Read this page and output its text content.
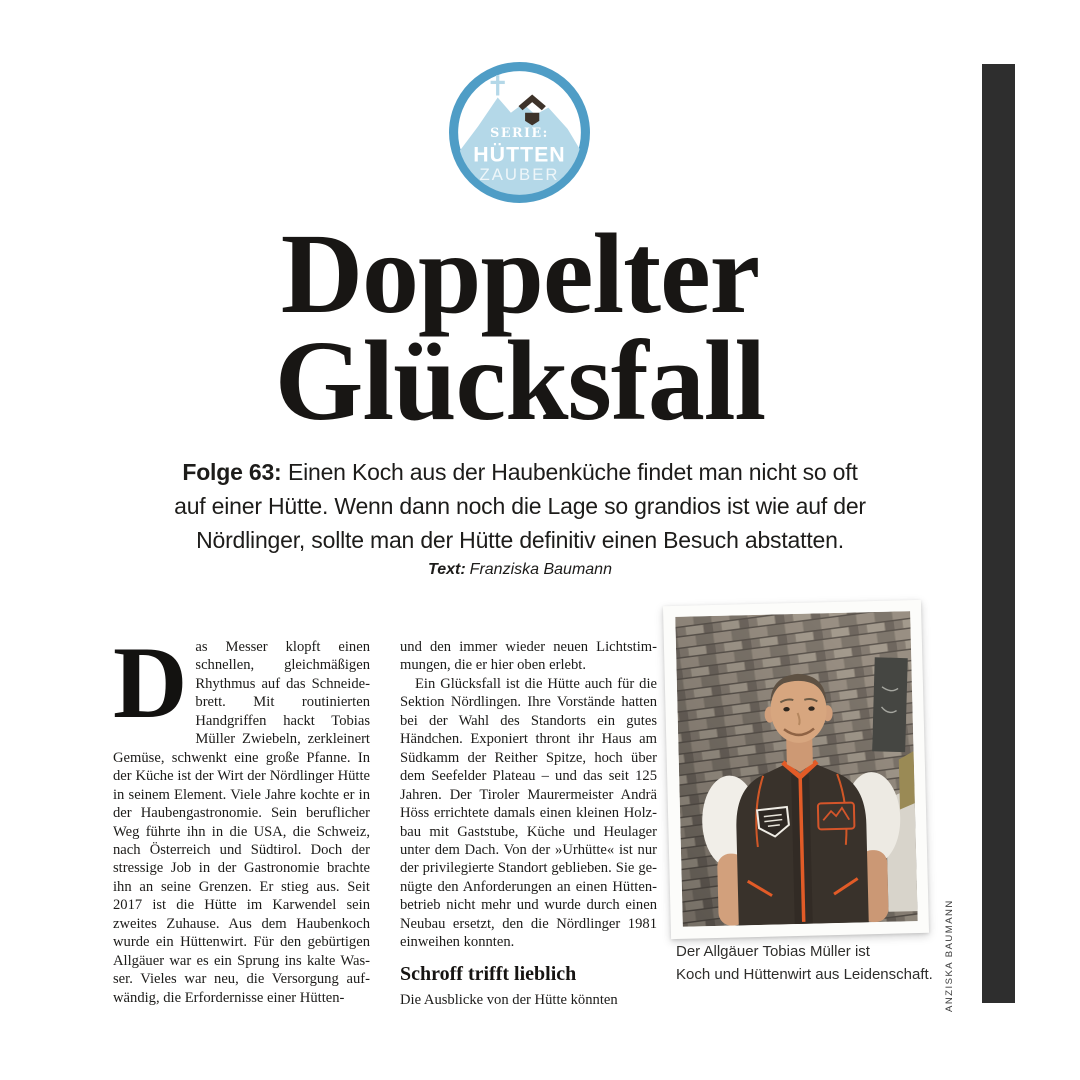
SERIE:
HÜTTEN
ZAUBER
Doppelter
Glücksfall

Folge 63: Einen Koch aus der Haubenküche findet man nicht so oft auf einer Hütte. Wenn dann noch die Lage so grandios ist wie auf der Nördlinger, sollte man der Hütte definitiv einen Besuch abstatten.

Text: Franziska Baumann

Das Messer klopft einen schnellen, gleichmäßigen Rhythmus auf das Schneidebrett. Mit routinierten Handgriffen hackt Tobias Müller Zwiebeln, zerkleinert Gemüse, schwenkt eine große Pfanne. In der Küche ist der Wirt der Nördlinger Hütte in seinem Element. Viele Jahre kochte er in der Haubengastronomie. Sein beruflicher Weg führte ihn in die USA, die Schweiz, nach Österreich und Südtirol. Doch der stressige Job in der Gastronomie brachte ihn an seine Grenzen. Er stieg aus. Seit 2017 ist die Hütte im Karwendel sein zweites Zuhause. Aus dem Haubenkoch wurde ein Hüttenwirt. Für den gebürtigen Allgäuer war es ein Sprung ins kalte Wasser. Vieles war neu, die Versorgung aufwändig, die Erfordernisse einer Hütten-

und den immer wieder neuen Lichtstimmungen, die er hier oben erlebt.

Ein Glücksfall ist die Hütte auch für die Sektion Nördlingen. Ihre Vorstände hatten bei der Wahl des Standorts ein gutes Händchen. Exponiert thront ihr Haus am Südkamm der Reither Spitze, hoch über dem Seefelder Plateau – und das seit 125 Jahren. Der Tiroler Maurermeister Andrä Höss errichtete damals einen kleinen Holzbau mit Gaststube, Küche und Heulager unter dem Dach. Von der »Urhütte« ist nur der privilegierte Standort geblieben. Sie genügte den Anforderungen an einen Hüttenbetrieb nicht mehr und wurde durch einen Neubau ersetzt, den die Nördlinger 1981 einweihen konnten.

Schroff trifft lieblich

Die Ausblicke von der Hütte könnten

Der Allgäuer Tobias Müller ist
Koch und Hüttenwirt aus Leidenschaft.	ANZISKA BAUMANN
